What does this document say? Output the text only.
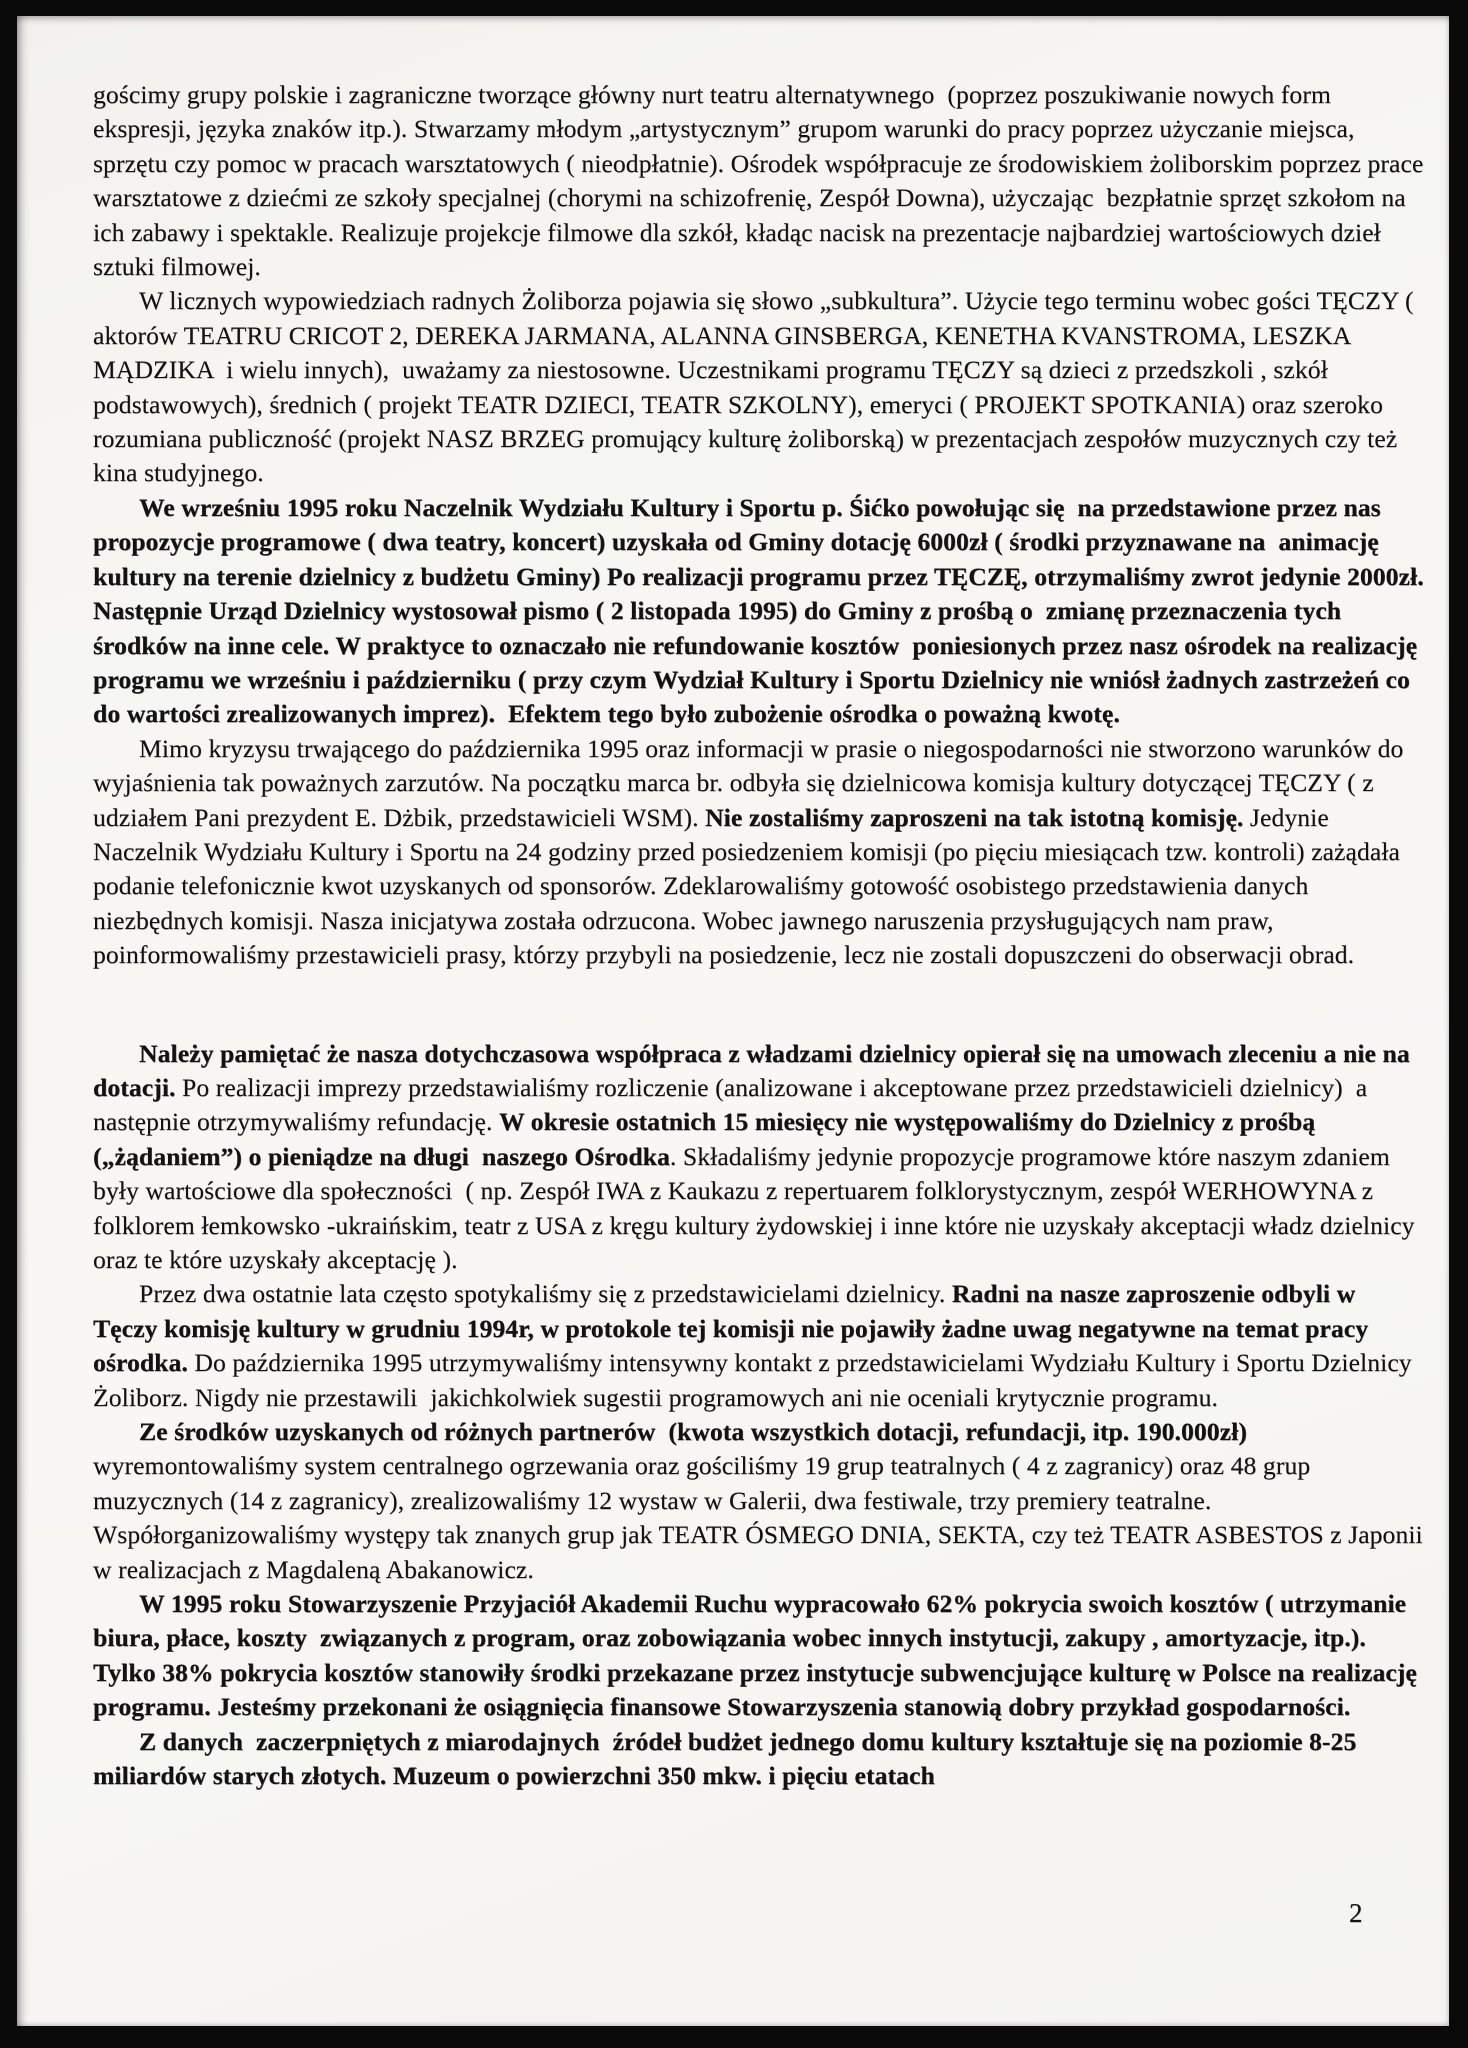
gościmy grupy polskie i zagraniczne tworzące główny nurt teatru alternatywnego  (poprzez poszukiwanie nowych form ekspresji, języka znaków itp.). Stwarzamy młodym „artystycznym” grupom warunki do pracy poprzez użyczanie miejsca, sprzętu czy pomoc w pracach warsztatowych ( nieodpłatnie). Ośrodek współpracuje ze środowiskiem żoliborskim poprzez prace warsztatowe z dziećmi ze szkoły specjalnej (chorymi na schizofrenię, Zespół Downa), użyczając  bezpłatnie sprzęt szkołom na ich zabawy i spektakle. Realizuje projekcje filmowe dla szkół, kładąc nacisk na prezentacje najbardziej wartościowych dzieł sztuki filmowej.

W licznych wypowiedziach radnych Żoliborza pojawia się słowo „subkultura”. Użycie tego terminu wobec gości TĘCZY ( aktorów TEATRU CRICOT 2, DEREKA JARMANA, ALANNA GINSBERGA, KENETHA KVANSTROMA, LESZKA MĄDZIKA  i wielu innych),  uważamy za niestosowne. Uczestnikami programu TĘCZY są dzieci z przedszkoli , szkół podstawowych), średnich ( projekt TEATR DZIECI, TEATR SZKOLNY), emeryci ( PROJEKT SPOTKANIA) oraz szeroko rozumiana publiczność (projekt NASZ BRZEG promujący kulturę żoliborską) w prezentacjach zespołów muzycznych czy też kina studyjnego.

We wrześniu 1995 roku Naczelnik Wydziału Kultury i Sportu p. Śićko powołując się  na przedstawione przez nas propozycje programowe ( dwa teatry, koncert) uzyskała od Gminy dotację 6000zł ( środki przyznawane na  animację kultury na terenie dzielnicy z budżetu Gminy) Po realizacji programu przez TĘCZĘ, otrzymaliśmy zwrot jedynie 2000zł. Następnie Urząd Dzielnicy wystosował pismo ( 2 listopada 1995) do Gminy z prośbą o  zmianę przeznaczenia tych środków na inne cele. W praktyce to oznaczało nie refundowanie kosztów  poniesionych przez nasz ośrodek na realizację programu we wrześniu i październiku ( przy czym Wydział Kultury i Sportu Dzielnicy nie wniósł żadnych zastrzeżeń co do wartości zrealizowanych imprez).  Efektem tego było zubożenie ośrodka o poważną kwotę.

Mimo kryzysu trwającego do października 1995 oraz informacji w prasie o niegospodarności nie stworzono warunków do wyjaśnienia tak poważnych zarzutów. Na początku marca br. odbyła się dzielnicowa komisja kultury dotyczącej TĘCZY ( z udziałem Pani prezydent E. Dżbik, przedstawicieli WSM). Nie zostaliśmy zaproszeni na tak istotną komisję. Jedynie Naczelnik Wydziału Kultury i Sportu na 24 godziny przed posiedzeniem komisji (po pięciu miesiącach tzw. kontroli) zażądała podanie telefonicznie kwot uzyskanych od sponsorów. Zdeklarowaliśmy gotowość osobistego przedstawienia danych niezbędnych komisji. Nasza inicjatywa została odrzucona. Wobec jawnego naruszenia przysługujących nam praw,  poinformowaliśmy przestawicieli prasy, którzy przybyli na posiedzenie, lecz nie zostali dopuszczeni do obserwacji obrad.

Należy pamiętać że nasza dotychczasowa współpraca z władzami dzielnicy opierał się na umowach zleceniu a nie na dotacji. Po realizacji imprezy przedstawialiśmy rozliczenie (analizowane i akceptowane przez przedstawicieli dzielnicy)  a następnie otrzymywaliśmy refundację. W okresie ostatnich 15 miesięcy nie występowaliśmy do Dzielnicy z prośbą („żądaniem”) o pieniądze na długi  naszego Ośrodka. Składaliśmy jedynie propozycje programowe które naszym zdaniem były wartościowe dla społeczności  ( np. Zespół IWA z Kaukazu z repertuarem folklorystycznym, zespół WERHOWYNA z folklorem łemkowsko -ukraińskim, teatr z USA z kręgu kultury żydowskiej i inne które nie uzyskały akceptacji władz dzielnicy oraz te które uzyskały akceptację ).

Przez dwa ostatnie lata często spotykaliśmy się z przedstawicielami dzielnicy. Radni na nasze zaproszenie odbyli w Tęczy komisję kultury w grudniu 1994r, w protokole tej komisji nie pojawiły żadne uwag negatywne na temat pracy ośrodka. Do października 1995 utrzymywaliśmy intensywny kontakt z przedstawicielami Wydziału Kultury i Sportu Dzielnicy Żoliborz. Nigdy nie przestawili  jakichkolwiek sugestii programowych ani nie oceniali krytycznie programu.

Ze środków uzyskanych od różnych partnerów  (kwota wszystkich dotacji, refundacji, itp. 190.000zł) wyremontowaliśmy system centralnego ogrzewania oraz gościliśmy 19 grup teatralnych ( 4 z zagranicy) oraz 48 grup muzycznych (14 z zagranicy), zrealizowaliśmy 12 wystaw w Galerii, dwa festiwale, trzy premiery teatralne. Współorganizowaliśmy występy tak znanych grup jak TEATR ÓSMEGO DNIA, SEKTA, czy też TEATR ASBESTOS z Japonii  w realizacjach z Magdaleną Abakanowicz.

W 1995 roku Stowarzyszenie Przyjaciół Akademii Ruchu wypracowało 62% pokrycia swoich kosztów ( utrzymanie biura, płace, koszty  związanych z program, oraz zobowiązania wobec innych instytucji, zakupy , amortyzacje, itp.). Tylko 38% pokrycia kosztów stanowiły środki przekazane przez instytucje subwencjujące kulturę w Polsce na realizację programu. Jesteśmy przekonani że osiągnięcia finansowe Stowarzyszenia stanowią dobry przykład gospodarności.

Z danych  zaczerpniętych z miarodajnych  źródeł budżet jednego domu kultury kształtuje się na poziomie 8-25 miliardów starych złotych. Muzeum o powierzchni 350 mkw. i pięciu etatach

2
